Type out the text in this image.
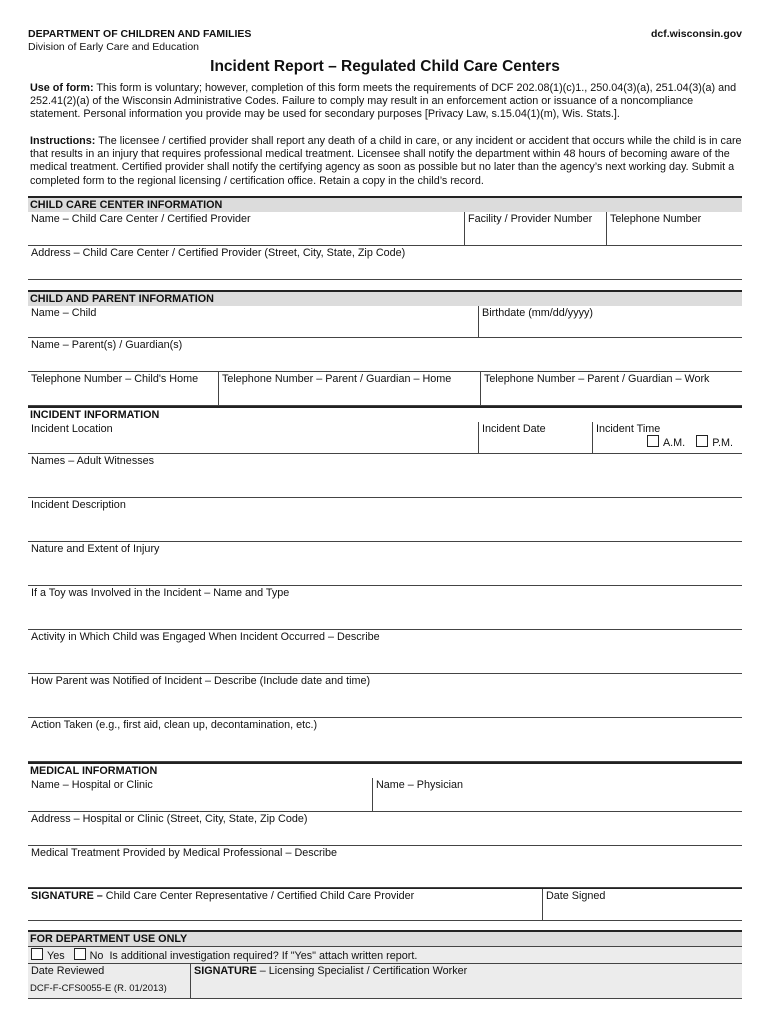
DEPARTMENT OF CHILDREN AND FAMILIES
Division of Early Care and Education
dcf.wisconsin.gov
Incident Report – Regulated Child Care Centers
Use of form: This form is voluntary; however, completion of this form meets the requirements of DCF 202.08(1)(c)1., 250.04(3)(a), 251.04(3)(a) and 252.41(2)(a) of the Wisconsin Administrative Codes. Failure to comply may result in an enforcement action or issuance of a noncompliance statement. Personal information you provide may be used for secondary purposes [Privacy Law, s.15.04(1)(m), Wis. Stats.].
Instructions: The licensee / certified provider shall report any death of a child in care, or any incident or accident that occurs while the child is in care that results in an injury that requires professional medical treatment. Licensee shall notify the department within 48 hours of becoming aware of the medical treatment. Certified provider shall notify the certifying agency as soon as possible but no later than the agency’s next working day. Submit a completed form to the regional licensing / certification office. Retain a copy in the child’s record.
CHILD CARE CENTER INFORMATION
Name – Child Care Center / Certified Provider	Facility / Provider Number	Telephone Number
Address – Child Care Center / Certified Provider (Street, City, State, Zip Code)
CHILD AND PARENT INFORMATION
Name – Child	Birthdate (mm/dd/yyyy)
Name – Parent(s) / Guardian(s)
Telephone Number – Child's Home	Telephone Number – Parent / Guardian – Home	Telephone Number – Parent / Guardian – Work
INCIDENT INFORMATION
Incident Location	Incident Date	Incident Time
A.M.	P.M.
Names – Adult Witnesses
Incident Description
Nature and Extent of Injury
If a Toy was Involved in the Incident – Name and Type
Activity in Which Child was Engaged When Incident Occurred – Describe
How Parent was Notified of Incident – Describe (Include date and time)
Action Taken (e.g., first aid, clean up, decontamination, etc.)
MEDICAL INFORMATION
Name – Hospital or Clinic	Name – Physician
Address – Hospital or Clinic (Street, City, State, Zip Code)
Medical Treatment Provided by Medical Professional – Describe
SIGNATURE – Child Care Center Representative / Certified Child Care Provider	Date Signed
FOR DEPARTMENT USE ONLY
Yes No Is additional investigation required? If "Yes" attach written report.
Date Reviewed	SIGNATURE – Licensing Specialist / Certification Worker
DCF-F-CFS0055-E (R. 01/2013)
